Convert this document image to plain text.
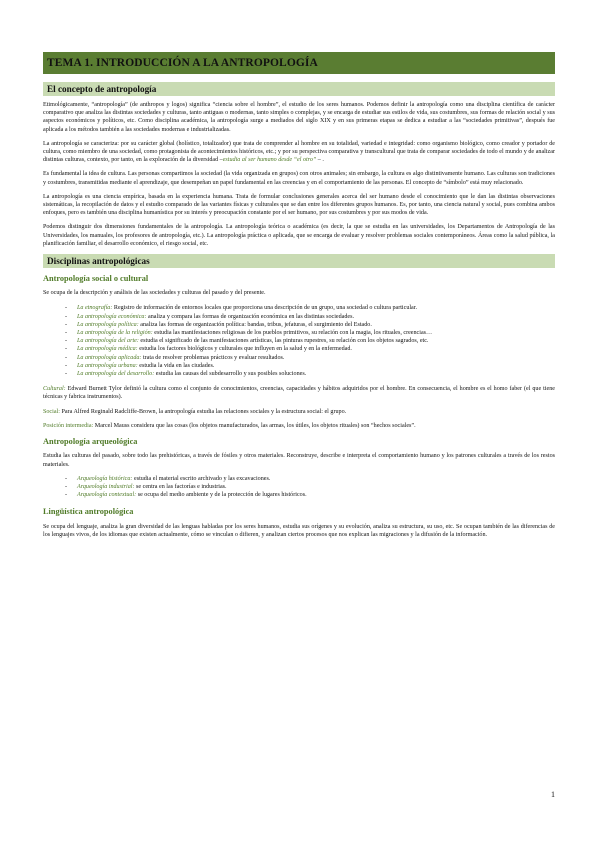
TEMA 1. INTRODUCCIÓN A LA ANTROPOLOGÍA
El concepto de antropología

Etimológicamente, “antropología” (de anthropos y logos) significa “ciencia sobre el hombre”, el estudio de los seres humanos. Podemos definir la antropología como una disciplina científica de carácter comparativo que analiza las distintas sociedades y culturas, tanto antiguas o modernas, tanto simples o complejas, y se encarga de estudiar sus estilos de vida, sus costumbres, sus formas de relación social y sus aspectos económicos y políticos, etc. Como disciplina académica, la antropología surge a mediados del siglo XIX y en sus primeras etapas se dedica a estudiar a las “sociedades primitivas”, después fue aplicada a los métodos también a las sociedades modernas e industrializadas.

La antropología se caracteriza: por su carácter global (holístico, totalizador) que trata de comprender al hombre en su totalidad, variedad e integridad: como organismo biológico, como creador y portador de cultura, como miembro de una sociedad, como protagonista de acontecimientos históricos, etc.; y por su perspectiva comparativa y transcultural que trata de comparar sociedades de todo el mundo y de analizar distintas culturas, contexto, por tanto, en la exploración de la diversidad –estudia al ser humano desde “el otro” – .

Es fundamental la idea de cultura. Las personas compartimos la sociedad (la vida organizada en grupos) con otros animales; sin embargo, la cultura es algo distintivamente humano. Las culturas son tradiciones y costumbres, transmitidas mediante el aprendizaje, que desempeñan un papel fundamental en las creencias y en el comportamiento de las personas. El concepto de “símbolo” está muy relacionado.

La antropología es una ciencia empírica, basada en la experiencia humana. Trata de formular conclusiones generales acerca del ser humano desde el conocimiento que le dan las distintas observaciones sistemáticas, la recopilación de datos y el estudio comparado de las variantes físicas y culturales que se dan entre los diferentes grupos humanos. Es, por tanto, una ciencia natural y social, pues combina ambos enfoques, pero es también una disciplina humanística por su interés y preocupación constante por el ser humano, por sus costumbres y por sus modos de vida.

Podemos distinguir dos dimensiones fundamentales de la antropología. La antropología teórica o académica (es decir, la que se estudia en las universidades, los Departamentos de Antropología de las Universidades, los manuales, los profesores de antropología, etc.). La antropología práctica o aplicada, que se encarga de evaluar y resolver problemas sociales contemporáneos. Áreas como la salud pública, la planificación familiar, el desarrollo económico, el riesgo social, etc.

Disciplinas antropológicas

Antropología social o cultural

Se ocupa de la descripción y análisis de las sociedades y culturas del pasado y del presente.

- La etnografía: Registro de información de entornos locales que proporciona una descripción de un grupo, una sociedad o cultura particular.
- La antropología económica: analiza y compara las formas de organización económica en las distintas sociedades.
- La antropología política: analiza las formas de organización política: bandas, tribus, jefaturas, el surgimiento del Estado.
- La antropología de la religión: estudia las manifestaciones religiosas de los pueblos primitivos, su relación con la magia, los rituales, creencias…
- La antropología del arte: estudia el significado de las manifestaciones artísticas, las pinturas rupestres, su relación con los objetos sagrados, etc.
- La antropología médica: estudia los factores biológicos y culturales que influyen en la salud y en la enfermedad.
- La antropología aplicada: trata de resolver problemas prácticos y evaluar resultados.
- La antropología urbana: estudia la vida en las ciudades.
- La antropología del desarrollo: estudia las causas del subdesarrollo y sus posibles soluciones.

Cultural: Edward Burnett Tylor definió la cultura como el conjunto de conocimientos, creencias, capacidades y hábitos adquiridos por el hombre. En consecuencia, el hombre es el homo faber (el que tiene técnicas y fabrica instrumentos).

Social: Para Alfred Reginald Radcliffe-Brown, la antropología estudia las relaciones sociales y la estructura social: el grupo.

Posición intermedia: Marcel Mauss considera que las cosas (los objetos manufacturados, las armas, los útiles, los objetos rituales) son “hechos sociales”.

Antropología arqueológica

Estudia las culturas del pasado, sobre todo las prehistóricas, a través de fósiles y otros materiales. Reconstruye, describe e interpreta el comportamiento humano y los patrones culturales a través de los restos materiales.

- Arqueología histórica: estudia el material escrito archivado y las excavaciones.
- Arqueología industrial: se centra en las factorías e industrias.
- Arqueología contextual: se ocupa del medio ambiente y de la protección de lugares históricos.

Lingüística antropológica

Se ocupa del lenguaje, analiza la gran diversidad de las lenguas habladas por los seres humanos, estudia sus orígenes y su evolución, analiza su estructura, su uso, etc. Se ocupan también de las diferencias de los lenguajes vivos, de los idiomas que existen actualmente, cómo se vinculan o difieren, y analizan ciertos procesos que nos explican las migraciones y la difusión de la información.

1
